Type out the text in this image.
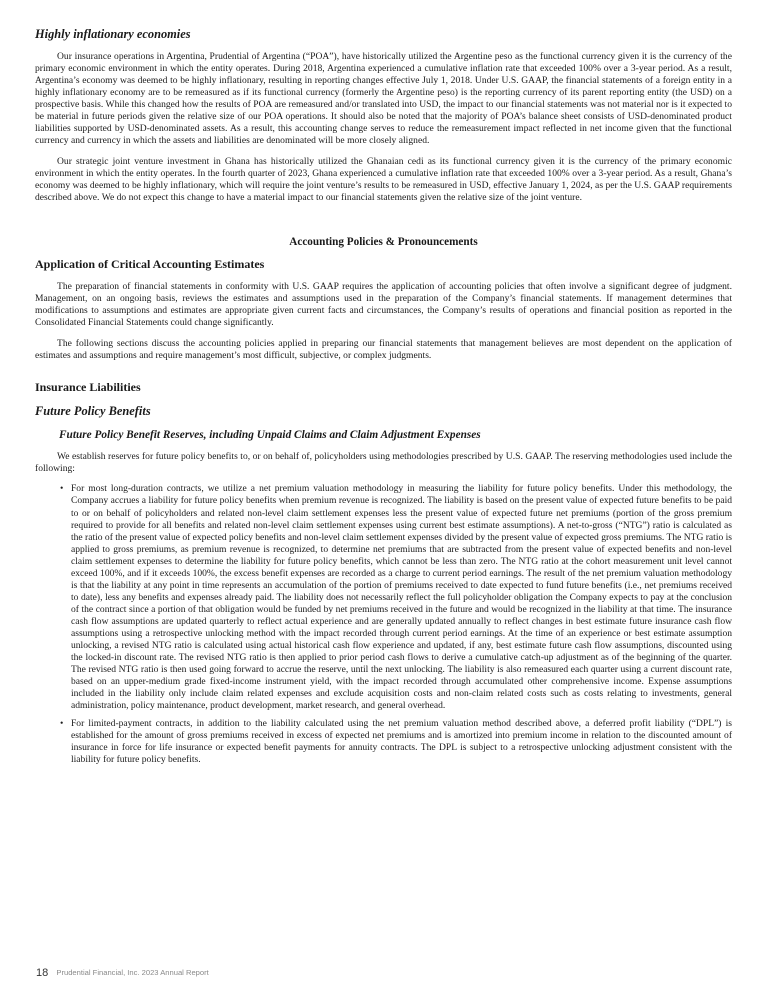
Highly inflationary economies

Our insurance operations in Argentina, Prudential of Argentina (“POA”), have historically utilized the Argentine peso as the functional currency given it is the currency of the primary economic environment in which the entity operates. During 2018, Argentina experienced a cumulative inflation rate that exceeded 100% over a 3-year period. As a result, Argentina’s economy was deemed to be highly inflationary, resulting in reporting changes effective July 1, 2018. Under U.S. GAAP, the financial statements of a foreign entity in a highly inflationary economy are to be remeasured as if its functional currency (formerly the Argentine peso) is the reporting currency of its parent reporting entity (the USD) on a prospective basis. While this changed how the results of POA are remeasured and/or translated into USD, the impact to our financial statements was not material nor is it expected to be material in future periods given the relative size of our POA operations. It should also be noted that the majority of POA’s balance sheet consists of USD-denominated product liabilities supported by USD-denominated assets. As a result, this accounting change serves to reduce the remeasurement impact reflected in net income given that the functional currency and currency in which the assets and liabilities are denominated will be more closely aligned.

Our strategic joint venture investment in Ghana has historically utilized the Ghanaian cedi as its functional currency given it is the currency of the primary economic environment in which the entity operates. In the fourth quarter of 2023, Ghana experienced a cumulative inflation rate that exceeded 100% over a 3-year period. As a result, Ghana’s economy was deemed to be highly inflationary, which will require the joint venture’s results to be remeasured in USD, effective January 1, 2024, as per the U.S. GAAP requirements described above. We do not expect this change to have a material impact to our financial statements given the relative size of the joint venture.

Accounting Policies & Pronouncements
Application of Critical Accounting Estimates

The preparation of financial statements in conformity with U.S. GAAP requires the application of accounting policies that often involve a significant degree of judgment. Management, on an ongoing basis, reviews the estimates and assumptions used in the preparation of the Company’s financial statements. If management determines that modifications to assumptions and estimates are appropriate given current facts and circumstances, the Company’s results of operations and financial position as reported in the Consolidated Financial Statements could change significantly.

The following sections discuss the accounting policies applied in preparing our financial statements that management believes are most dependent on the application of estimates and assumptions and require management’s most difficult, subjective, or complex judgments.

Insurance Liabilities
Future Policy Benefits
Future Policy Benefit Reserves, including Unpaid Claims and Claim Adjustment Expenses

We establish reserves for future policy benefits to, or on behalf of, policyholders using methodologies prescribed by U.S. GAAP. The reserving methodologies used include the following:

• For most long-duration contracts, we utilize a net premium valuation methodology in measuring the liability for future policy benefits. Under this methodology, the Company accrues a liability for future policy benefits when premium revenue is recognized. The liability is based on the present value of expected future benefits to be paid to or on behalf of policyholders and related non-level claim settlement expenses less the present value of expected future net premiums (portion of the gross premium required to provide for all benefits and related non-level claim settlement expenses using current best estimate assumptions). A net-to-gross (“NTG”) ratio is calculated as the ratio of the present value of expected policy benefits and non-level claim settlement expenses divided by the present value of expected gross premiums. The NTG ratio is applied to gross premiums, as premium revenue is recognized, to determine net premiums that are subtracted from the present value of expected benefits and non-level claim settlement expenses to determine the liability for future policy benefits, which cannot be less than zero. The NTG ratio at the cohort measurement unit level cannot exceed 100%, and if it exceeds 100%, the excess benefit expenses are recorded as a charge to current period earnings. The result of the net premium valuation methodology is that the liability at any point in time represents an accumulation of the portion of premiums received to date expected to fund future benefits (i.e., net premiums received to date), less any benefits and expenses already paid. The liability does not necessarily reflect the full policyholder obligation the Company expects to pay at the conclusion of the contract since a portion of that obligation would be funded by net premiums received in the future and would be recognized in the liability at that time. The insurance cash flow assumptions are updated quarterly to reflect actual experience and are generally updated annually to reflect changes in best estimate future insurance cash flow assumptions using a retrospective unlocking method with the impact recorded through current period earnings. At the time of an experience or best estimate assumption unlocking, a revised NTG ratio is calculated using actual historical cash flow experience and updated, if any, best estimate future cash flow assumptions, discounted using the locked-in discount rate. The revised NTG ratio is then applied to prior period cash flows to derive a cumulative catch-up adjustment as of the beginning of the quarter. The revised NTG ratio is then used going forward to accrue the reserve, until the next unlocking. The liability is also remeasured each quarter using a current discount rate, based on an upper-medium grade fixed-income instrument yield, with the impact recorded through accumulated other comprehensive income. Expense assumptions included in the liability only include claim related expenses and exclude acquisition costs and non-claim related costs such as costs relating to investments, general administration, policy maintenance, product development, market research, and general overhead.
• For limited-payment contracts, in addition to the liability calculated using the net premium valuation method described above, a deferred profit liability (“DPL”) is established for the amount of gross premiums received in excess of expected net premiums and is amortized into premium income in relation to the discounted amount of insurance in force for life insurance or expected benefit payments for annuity contracts. The DPL is subject to a retrospective unlocking adjustment consistent with the liability for future policy benefits.
18 Prudential Financial, Inc. 2023 Annual Report
